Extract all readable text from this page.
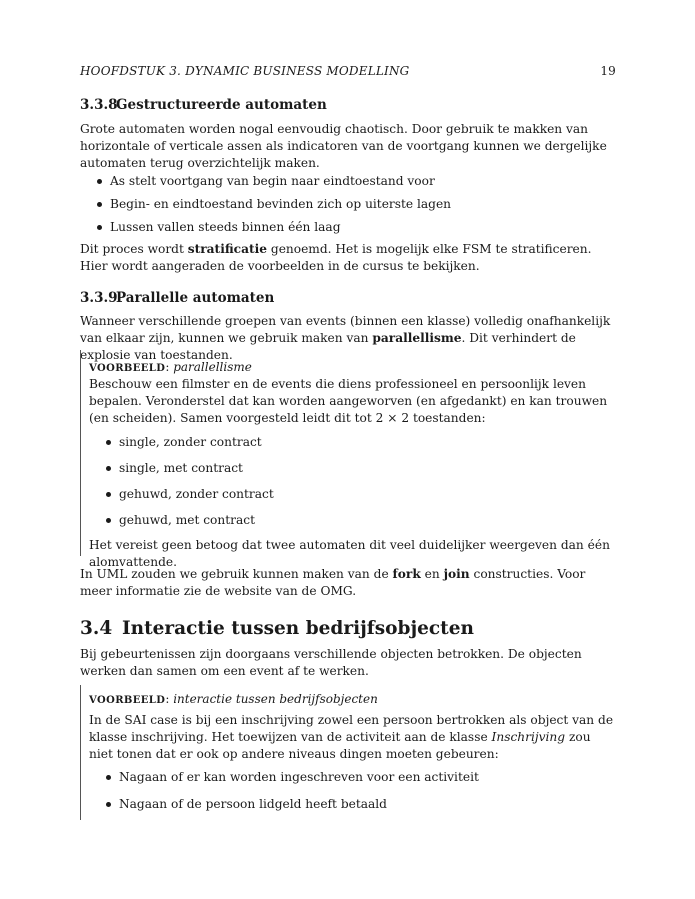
HOOFDSTUK 3. DYNAMIC BUSINESS MODELLING	19
3.3.8Gestructureerde automaten

Grote automaten worden nogal eenvoudig chaotisch. Door gebruik te makken van horizontale of verticale assen als indicatoren van de voortgang kunnen we dergelijke automaten terug overzichtelijk maken.

As stelt voortgang van begin naar eindtoestand voor
Begin- en eindtoestand bevinden zich op uiterste lagen
Lussen vallen steeds binnen één laag

Dit proces wordt stratificatie genoemd. Het is mogelijk elke FSM te stratificeren. Hier wordt aangeraden de voorbeelden in de cursus te bekijken.

3.3.9Parallelle automaten

Wanneer verschillende groepen van events (binnen een klasse) volledig onafhankelijk van elkaar zijn, kunnen we gebruik maken van parallellisme. Dit verhindert de explosie van toestanden.

VOORBEELD: parallellisme

Beschouw een filmster en de events die diens professioneel en persoonlijk leven bepalen. Veronderstel dat kan worden aangeworven (en afgedankt) en kan trouwen (en scheiden). Samen voorgesteld leidt dit tot 2 × 2 toestanden:

single, zonder contract
single, met contract
gehuwd, zonder contract
gehuwd, met contract

Het vereist geen betoog dat twee automaten dit veel duidelijker weergeven dan één alomvattende.

In UML zouden we gebruik kunnen maken van de fork en join constructies. Voor meer informatie zie de website van de OMG.

3.4 Interactie tussen bedrijfsobjecten

Bij gebeurtenissen zijn doorgaans verschillende objecten betrokken. De objecten werken dan samen om een event af te werken.

VOORBEELD: interactie tussen bedrijfsobjecten

In de SAI case is bij een inschrijving zowel een persoon bertrokken als object van de klasse inschrijving. Het toewijzen van de activiteit aan de klasse Inschrijving zou niet tonen dat er ook op andere niveaus dingen moeten gebeuren:

Nagaan of er kan worden ingeschreven voor een activiteit
Nagaan of de persoon lidgeld heeft betaald
